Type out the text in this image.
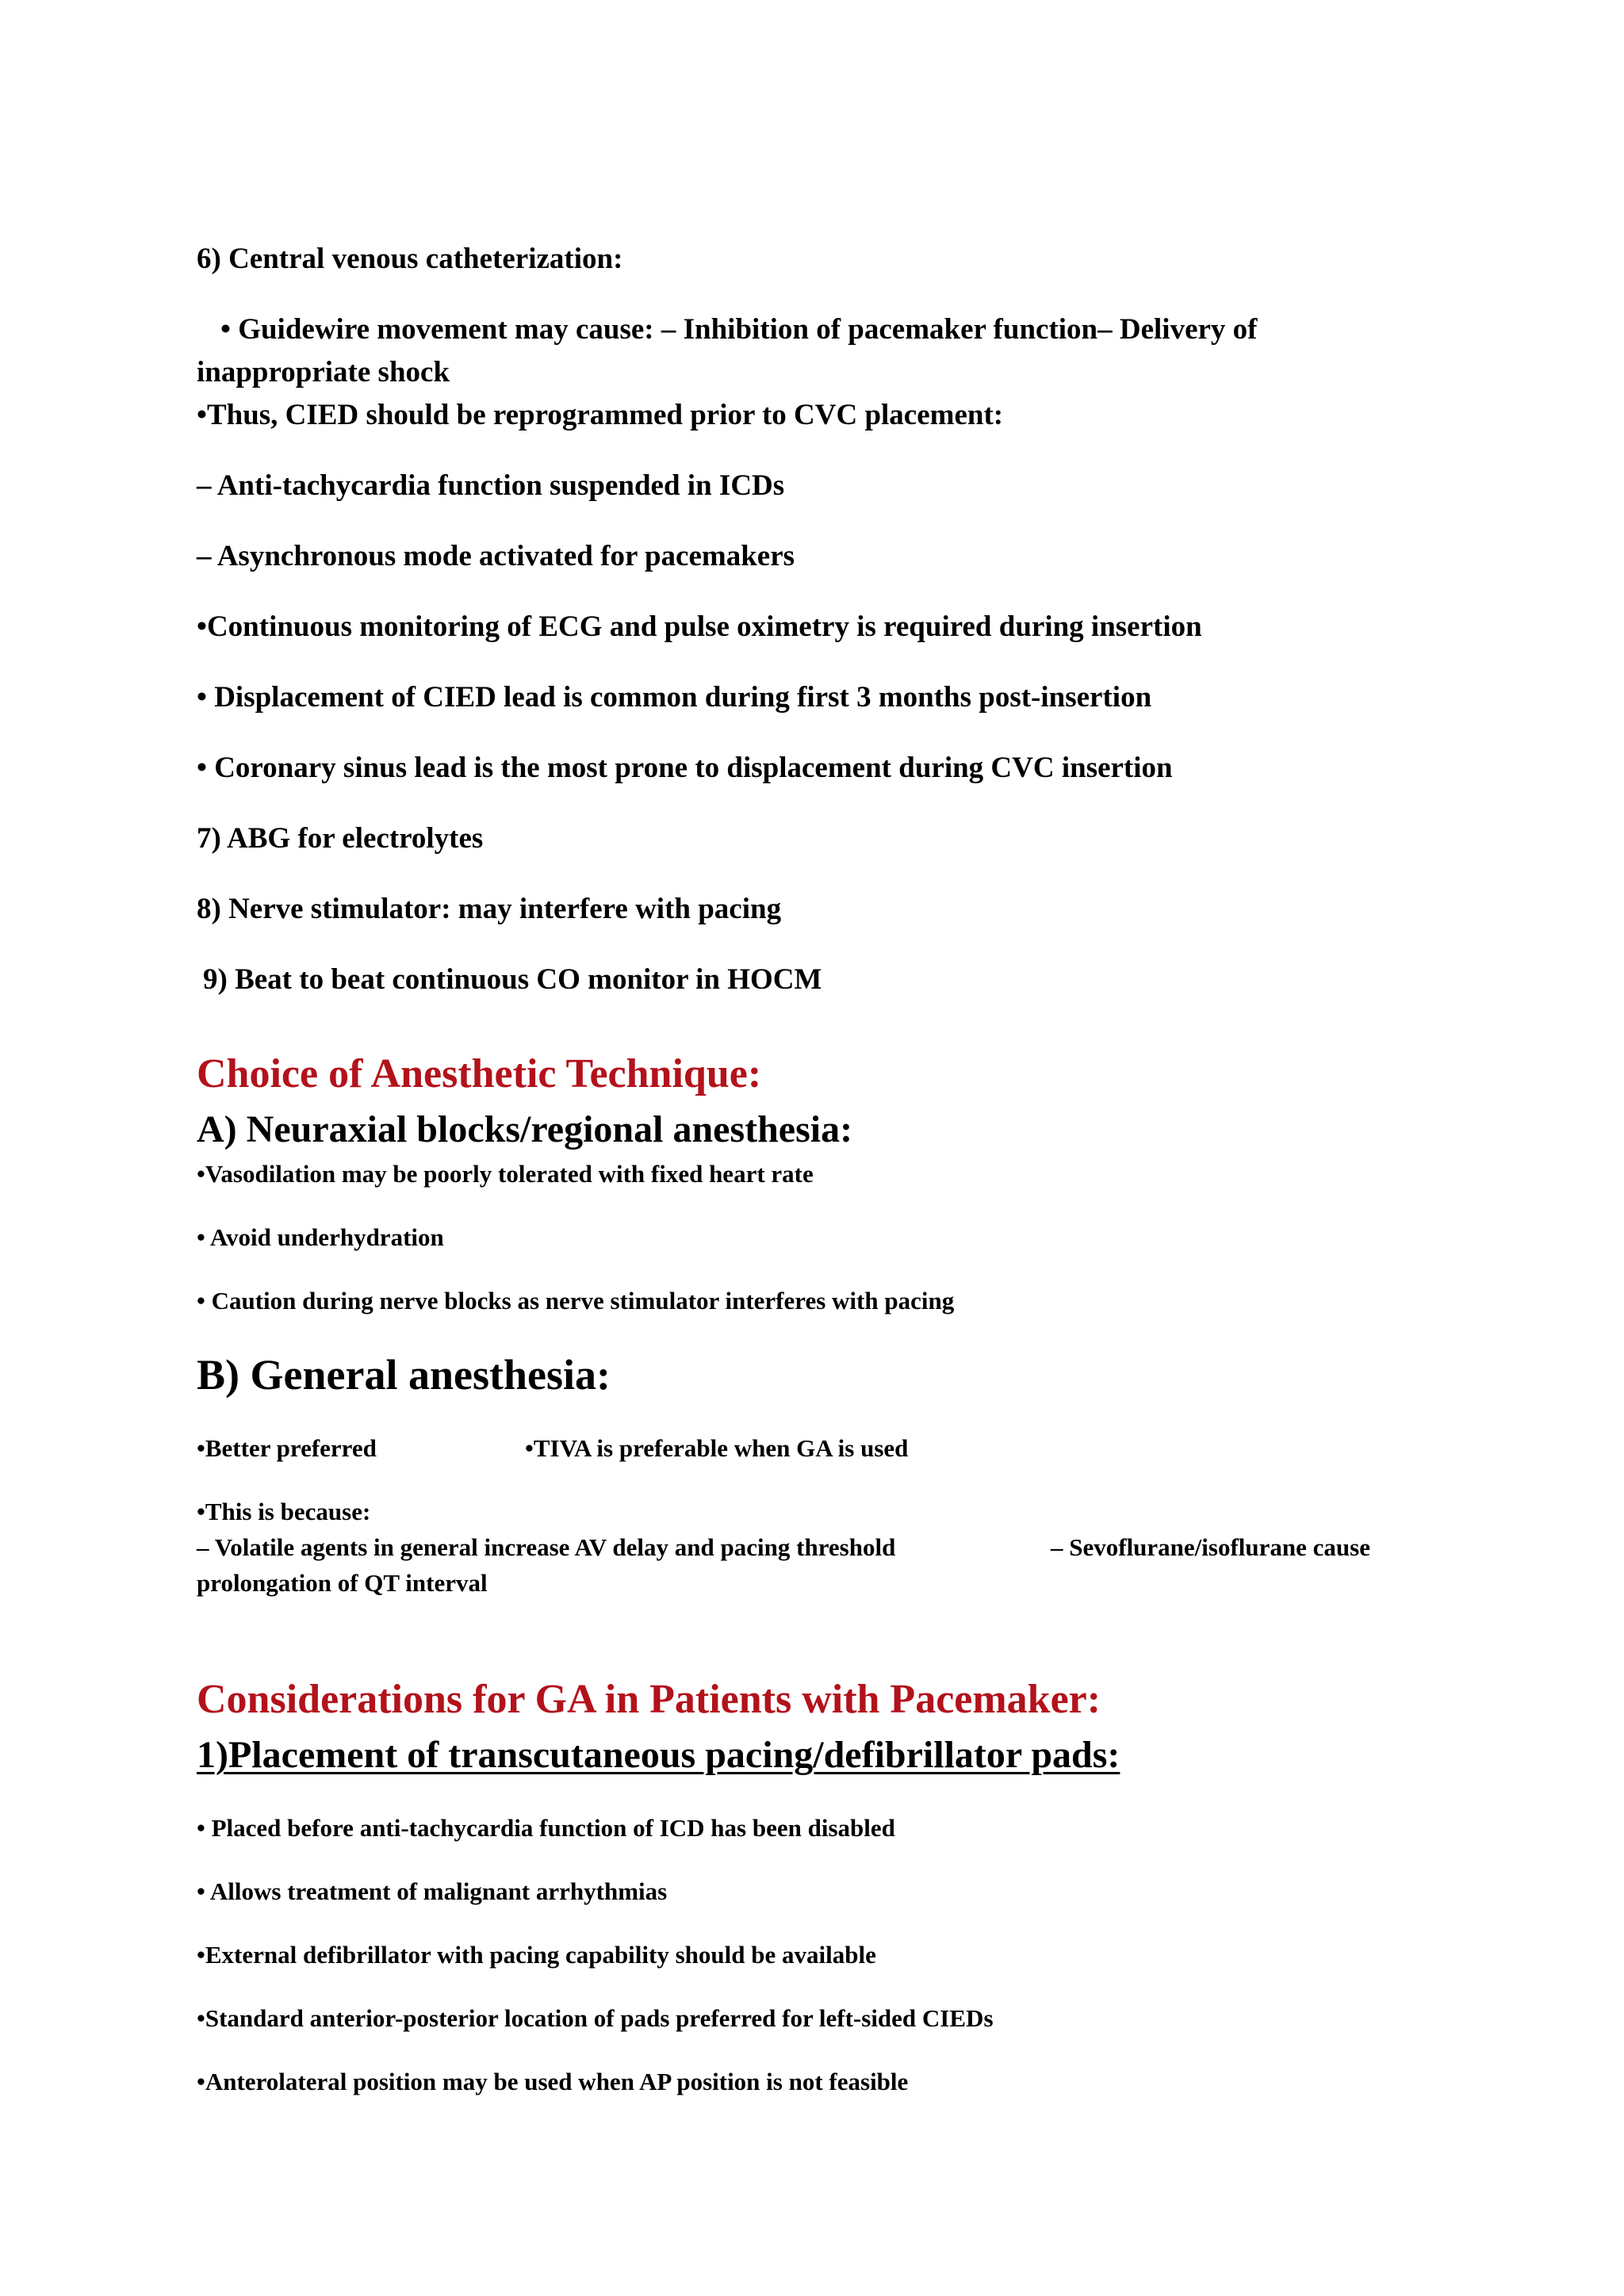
6) Central venous catheterization:

• Guidewire movement may cause: – Inhibition of pacemaker function– Delivery of

inappropriate shock

•Thus, CIED should be reprogrammed prior to CVC placement:

– Anti-tachycardia function suspended in ICDs

– Asynchronous mode activated for pacemakers

•Continuous monitoring of ECG and pulse oximetry is required during insertion

• Displacement of CIED lead is common during first 3 months post-insertion

• Coronary sinus lead is the most prone to displacement during CVC insertion

7) ABG for electrolytes

8) Nerve stimulator: may interfere with pacing

9) Beat to beat continuous CO monitor in HOCM

Choice of Anesthetic Technique:

A) Neuraxial blocks/regional anesthesia:

•Vasodilation may be poorly tolerated with fixed heart rate

• Avoid underhydration

• Caution during nerve blocks as nerve stimulator interferes with pacing

B) General anesthesia:

•Better preferred	•TIVA is preferable when GA is used

•This is because:

– Volatile agents in general increase AV delay and pacing threshold	– Sevoflurane/isoflurane cause

prolongation of QT interval

Considerations for GA in Patients with Pacemaker:

1)Placement of transcutaneous pacing/defibrillator pads:

• Placed before anti-tachycardia function of ICD has been disabled

• Allows treatment of malignant arrhythmias

•External defibrillator with pacing capability should be available

•Standard anterior-posterior location of pads preferred for left-sided CIEDs

•Anterolateral position may be used when AP position is not feasible
